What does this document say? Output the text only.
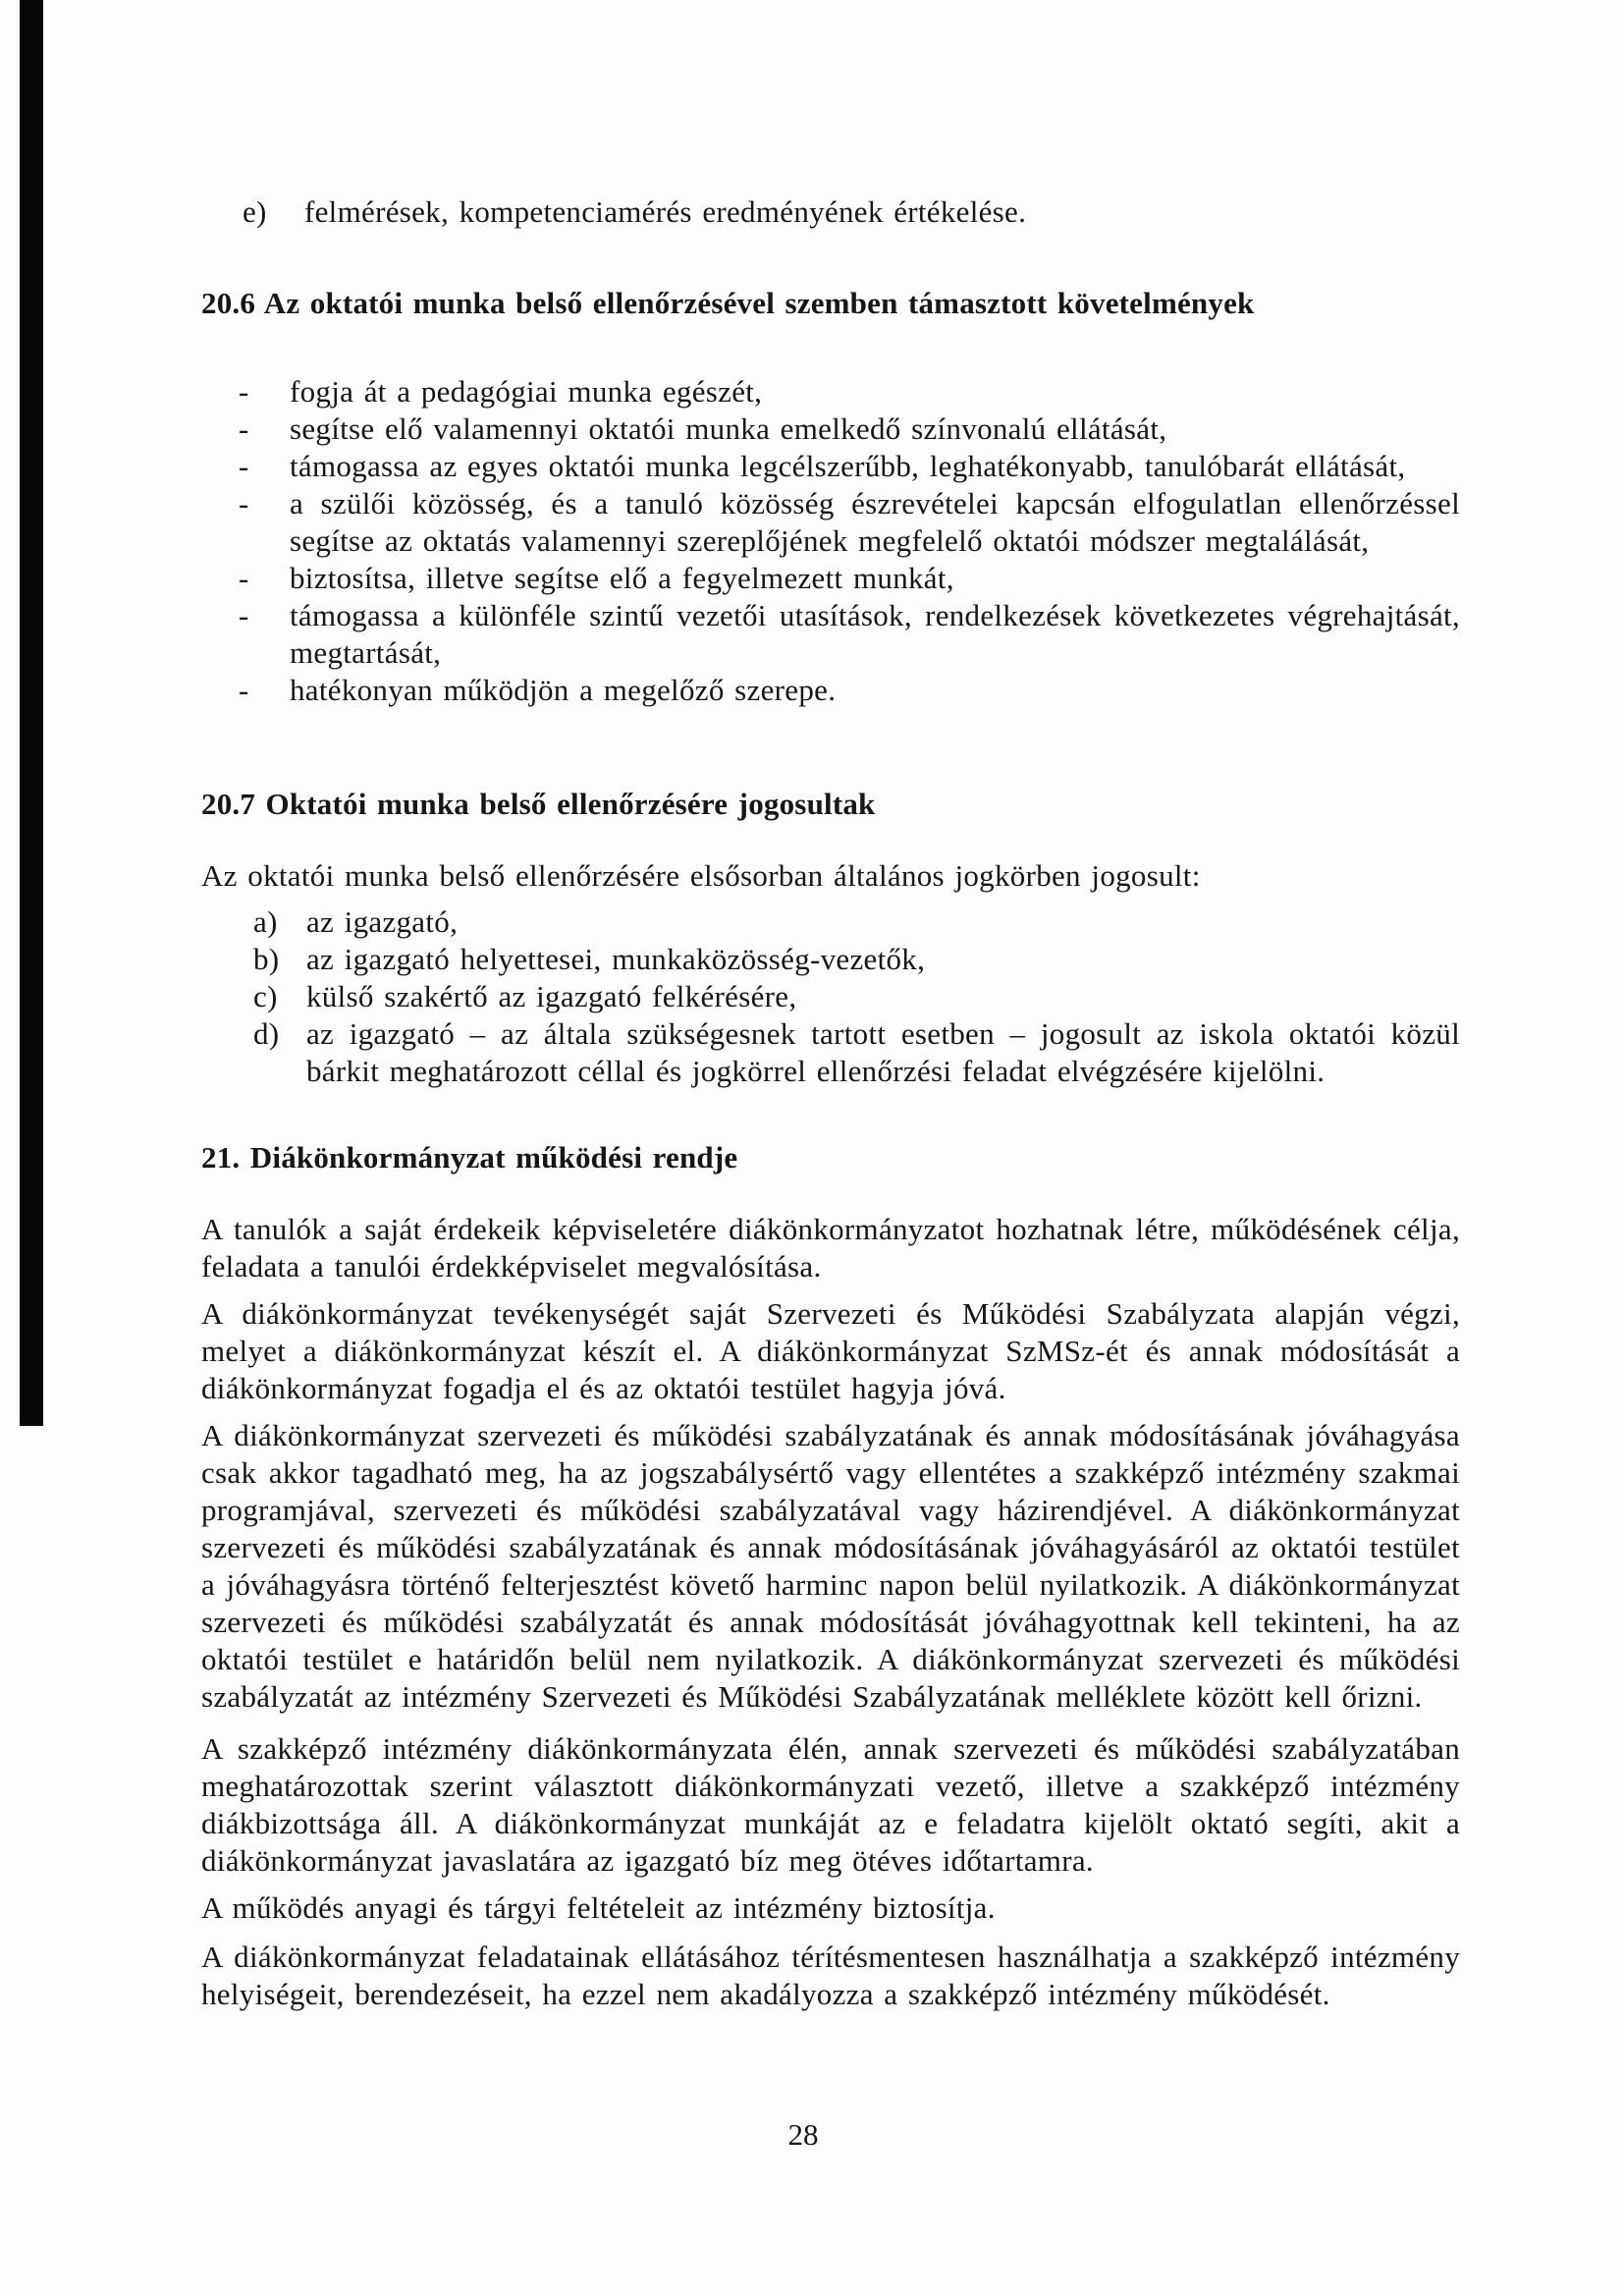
e)	felmérések, kompetenciamérés eredményének értékelése.
20.6 Az oktatói munka belső ellenőrzésével szemben támasztott követelmények
-	fogja át a pedagógiai munka egészét,
-	segítse elő valamennyi oktatói munka emelkedő színvonalú ellátását,
-	támogassa az egyes oktatói munka legcélszerűbb, leghatékonyabb, tanulóbarát ellátását,
-	a szülői közösség, és a tanuló közösség észrevételei kapcsán elfogulatlan ellenőrzéssel segítse az oktatás valamennyi szereplőjének megfelelő oktatói módszer megtalálását,
-	biztosítsa, illetve segítse elő a fegyelmezett munkát,
-	támogassa a különféle szintű vezetői utasítások, rendelkezések következetes végrehajtását, megtartását,
-	hatékonyan működjön a megelőző szerepe.
20.7 Oktatói munka belső ellenőrzésére jogosultak

Az oktatói munka belső ellenőrzésére elsősorban általános jogkörben jogosult:

a) az igazgató,
b) az igazgató helyettesei, munkaközösség-vezetők,
c) külső szakértő az igazgató felkérésére,
d) az igazgató – az általa szükségesnek tartott esetben – jogosult az iskola oktatói közül bárkit meghatározott céllal és jogkörrel ellenőrzési feladat elvégzésére kijelölni.
21. Diákönkormányzat működési rendje

A tanulók a saját érdekeik képviseletére diákönkormányzatot hozhatnak létre, működésének célja, feladata a tanulói érdekképviselet megvalósítása.

A diákönkormányzat tevékenységét saját Szervezeti és Működési Szabályzata alapján végzi, melyet a diákönkormányzat készít el. A diákönkormányzat SzMSz-ét és annak módosítását a diákönkormányzat fogadja el és az oktatói testület hagyja jóvá.

A diákönkormányzat szervezeti és működési szabályzatának és annak módosításának jóváhagyása csak akkor tagadható meg, ha az jogszabálysértő vagy ellentétes a szakképző intézmény szakmai programjával, szervezeti és működési szabályzatával vagy házirendjével. A diákönkormányzat szervezeti és működési szabályzatának és annak módosításának jóváhagyásáról az oktatói testület a jóváhagyásra történő felterjesztést követő harminc napon belül nyilatkozik. A diákönkormányzat szervezeti és működési szabályzatát és annak módosítását jóváhagyottnak kell tekinteni, ha az oktatói testület e határidőn belül nem nyilatkozik. A diákönkormányzat szervezeti és működési szabályzatát az intézmény Szervezeti és Működési Szabályzatának melléklete között kell őrizni.

A szakképző intézmény diákönkormányzata élén, annak szervezeti és működési szabályzatában meghatározottak szerint választott diákönkormányzati vezető, illetve a szakképző intézmény diákbizottsága áll. A diákönkormányzat munkáját az e feladatra kijelölt oktató segíti, akit a diákönkormányzat javaslatára az igazgató bíz meg ötéves időtartamra.

A működés anyagi és tárgyi feltételeit az intézmény biztosítja.

A diákönkormányzat feladatainak ellátásához térítésmentesen használhatja a szakképző intézmény helyiségeit, berendezéseit, ha ezzel nem akadályozza a szakképző intézmény működését.

28
